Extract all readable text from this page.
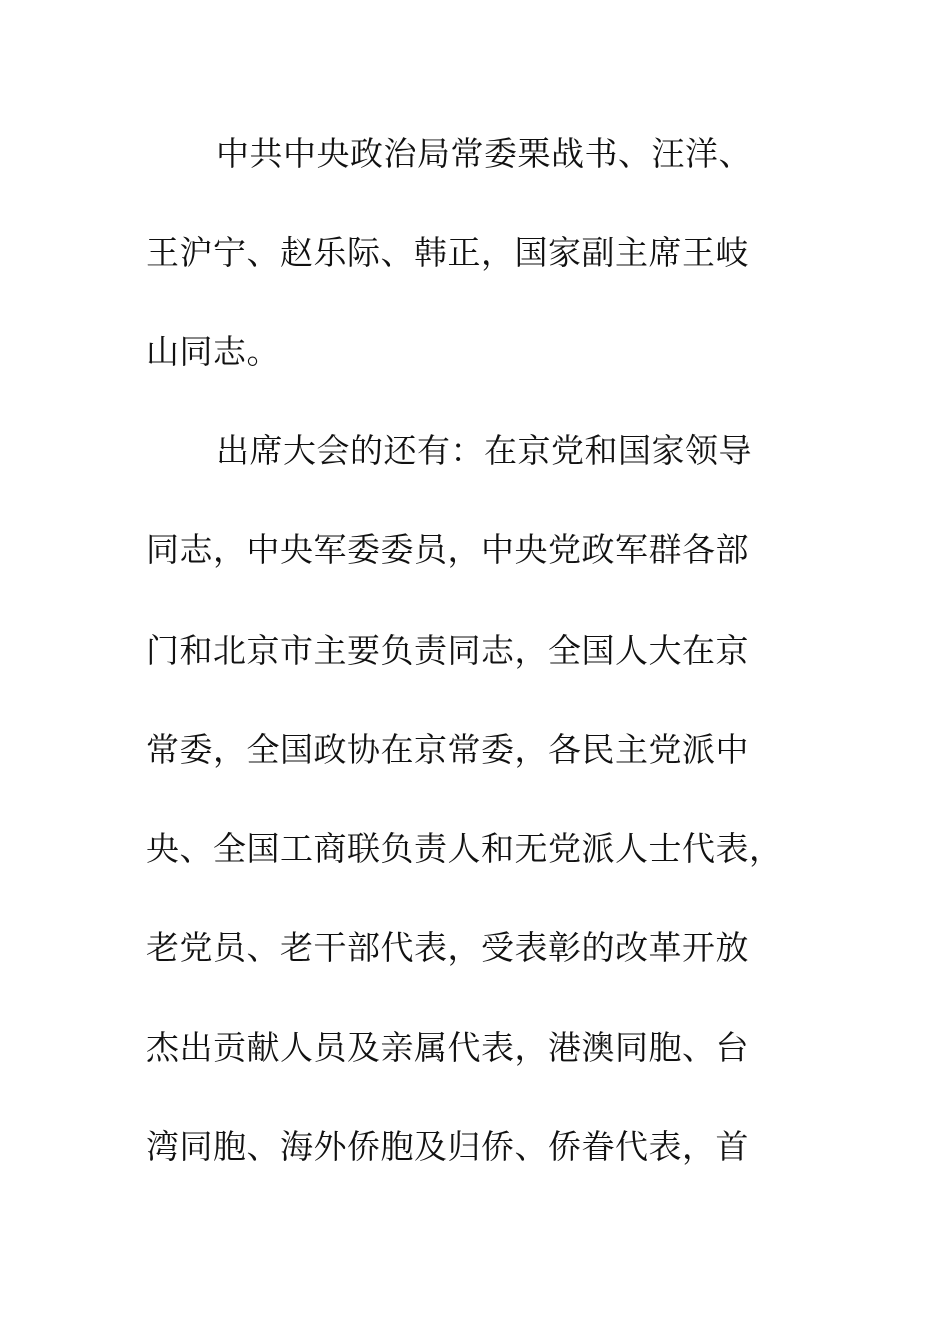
中共中央政治局常委栗战书、汪洋、
王沪宁、赵乐际、韩正，国家副主席王岐
山同志。
出席大会的还有：在京党和国家领导
同志，中央军委委员，中央党政军群各部
门和北京市主要负责同志，全国人大在京
常委，全国政协在京常委，各民主党派中
央、全国工商联负责人和无党派人士代表，
老党员、老干部代表，受表彰的改革开放
杰出贡献人员及亲属代表，港澳同胞、台
湾同胞、海外侨胞及归侨、侨眷代表，首
